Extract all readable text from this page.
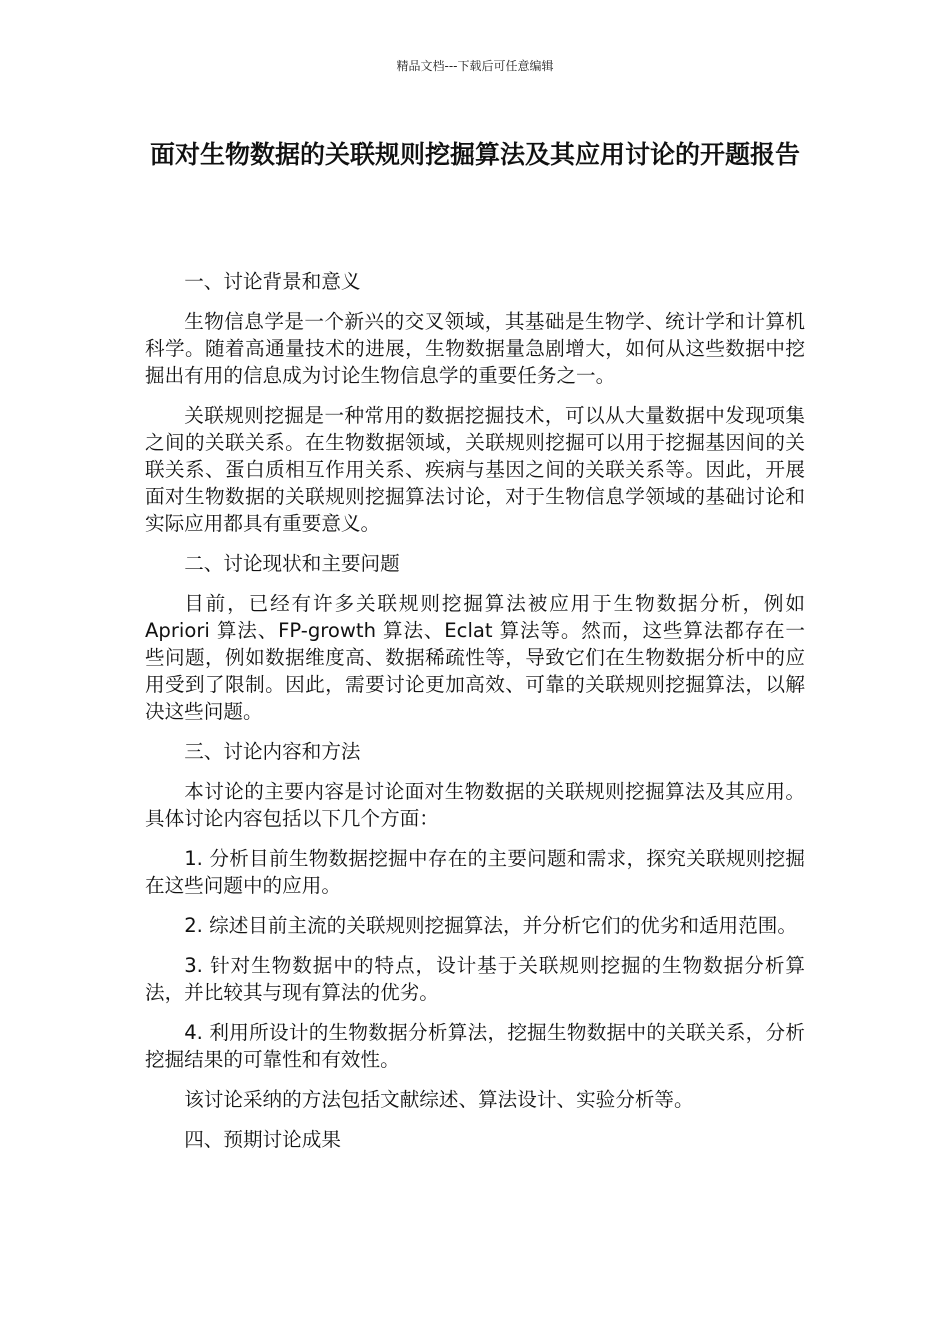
精品文档---下载后可任意编辑
面对生物数据的关联规则挖掘算法及其应用讨论的开题报告

一、讨论背景和意义

生物信息学是一个新兴的交叉领域，其基础是生物学、统计学和计算机科学。随着高通量技术的进展，生物数据量急剧增大，如何从这些数据中挖掘出有用的信息成为讨论生物信息学的重要任务之一。

关联规则挖掘是一种常用的数据挖掘技术，可以从大量数据中发现项集之间的关联关系。在生物数据领域，关联规则挖掘可以用于挖掘基因间的关联关系、蛋白质相互作用关系、疾病与基因之间的关联关系等。因此，开展面对生物数据的关联规则挖掘算法讨论，对于生物信息学领域的基础讨论和实际应用都具有重要意义。

二、讨论现状和主要问题

目前，已经有许多关联规则挖掘算法被应用于生物数据分析，例如Apriori 算法、FP-growth 算法、Eclat 算法等。然而，这些算法都存在一些问题，例如数据维度高、数据稀疏性等，导致它们在生物数据分析中的应用受到了限制。因此，需要讨论更加高效、可靠的关联规则挖掘算法，以解决这些问题。

三、讨论内容和方法

本讨论的主要内容是讨论面对生物数据的关联规则挖掘算法及其应用。具体讨论内容包括以下几个方面：

1. 分析目前生物数据挖掘中存在的主要问题和需求，探究关联规则挖掘在这些问题中的应用。

2. 综述目前主流的关联规则挖掘算法，并分析它们的优劣和适用范围。

3. 针对生物数据中的特点，设计基于关联规则挖掘的生物数据分析算法，并比较其与现有算法的优劣。

4. 利用所设计的生物数据分析算法，挖掘生物数据中的关联关系，分析挖掘结果的可靠性和有效性。

该讨论采纳的方法包括文献综述、算法设计、实验分析等。

四、预期讨论成果
